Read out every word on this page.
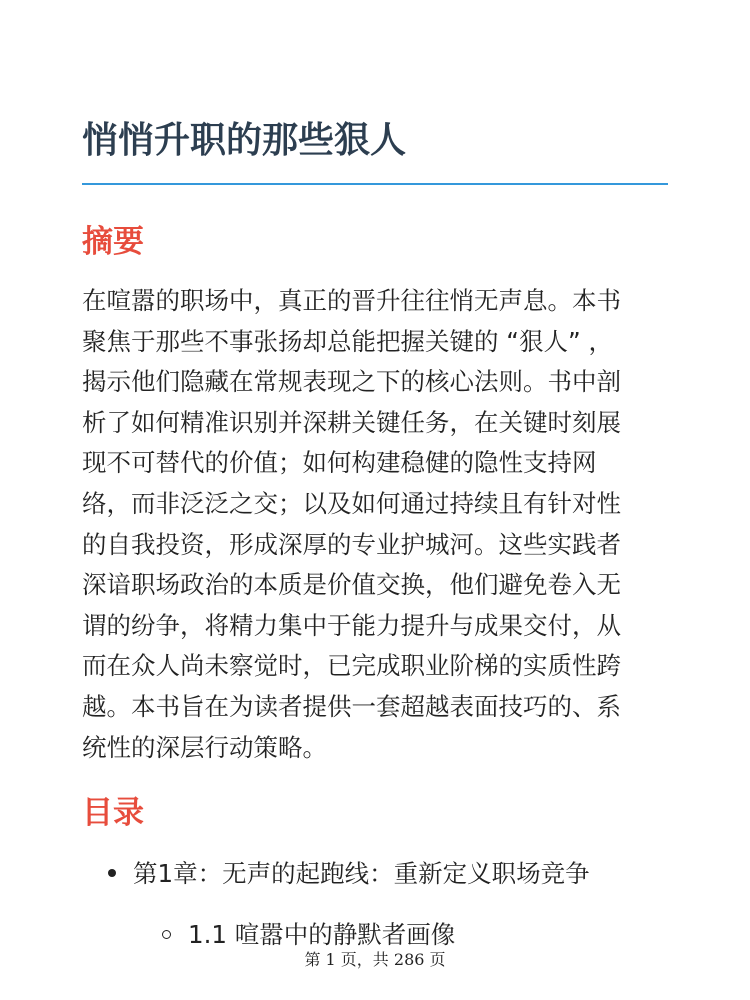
悄悄升职的那些狠人
摘要

在喧嚣的职场中，真正的晋升往往悄无声息。本书
聚焦于那些不事张扬却总能把握关键的 “狠人” ，
揭示他们隐藏在常规表现之下的核心法则。书中剖
析了如何精准识别并深耕关键任务，在关键时刻展
现不可替代的价值；如何构建稳健的隐性支持网
络，而非泛泛之交；以及如何通过持续且有针对性
的自我投资，形成深厚的专业护城河。这些实践者
深谙职场政治的本质是价值交换，他们避免卷入无
谓的纷争，将精力集中于能力提升与成果交付，从
而在众人尚未察觉时，已完成职业阶梯的实质性跨
越。本书旨在为读者提供一套超越表面技巧的、系
统性的深层行动策略。

目录
第1章：无声的起跑线：重新定义职场竞争
1.1 喧嚣中的静默者画像
第 1 页，共 286 页
